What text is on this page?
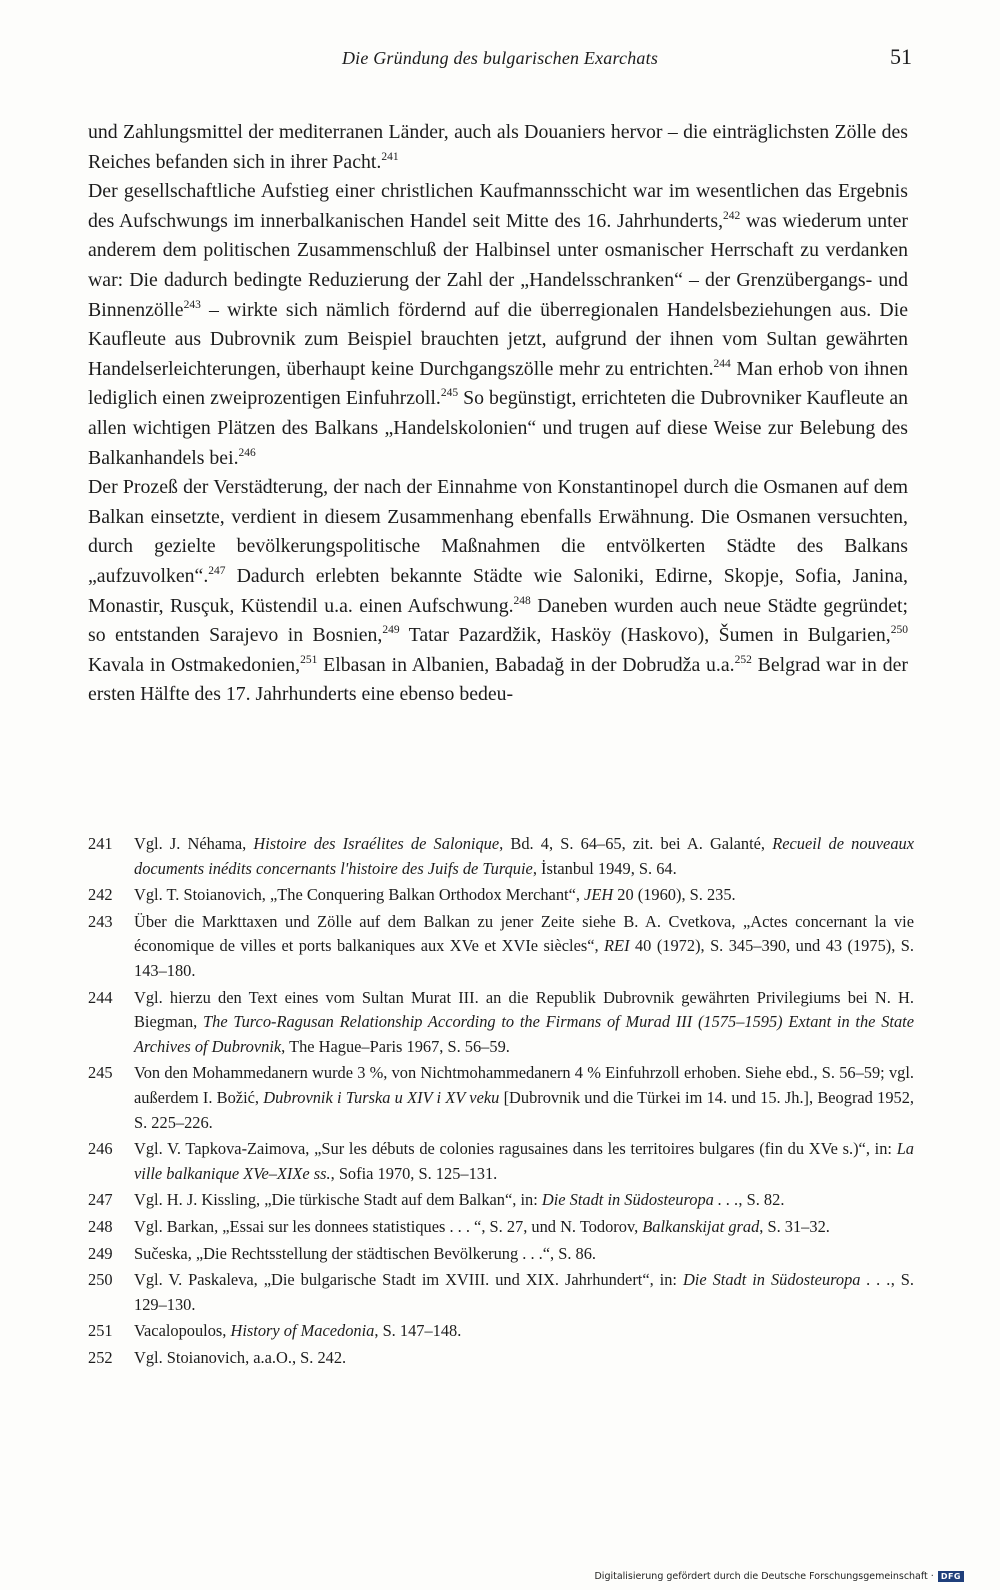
Die Gründung des bulgarischen Exarchats	51

und Zahlungsmittel der mediterranen Länder, auch als Douaniers hervor – die einträglichsten Zölle des Reiches befanden sich in ihrer Pacht.$^{241}$

Der gesellschaftliche Aufstieg einer christlichen Kaufmannsschicht war im wesentlichen das Ergebnis des Aufschwungs im innerbalkanischen Handel seit Mitte des 16. Jahrhunderts,$^{242}$ was wiederum unter anderem dem politischen Zusammenschluß der Halbinsel unter osmanischer Herrschaft zu verdanken war: Die dadurch bedingte Reduzierung der Zahl der „Handelsschranken“ – der Grenzübergangs- und Binnenzölle$^{243}$ – wirkte sich nämlich fördernd auf die überregionalen Handelsbeziehungen aus. Die Kaufleute aus Dubrovnik zum Beispiel brauchten jetzt, aufgrund der ihnen vom Sultan gewährten Handelserleichterungen, überhaupt keine Durchgangszölle mehr zu entrichten.$^{244}$ Man erhob von ihnen lediglich einen zweiprozentigen Einfuhrzoll.$^{245}$ So begünstigt, errichteten die Dubrovniker Kaufleute an allen wichtigen Plätzen des Balkans „Handelskolonien“ und trugen auf diese Weise zur Belebung des Balkanhandels bei.$^{246}$

Der Prozeß der Verstädterung, der nach der Einnahme von Konstantinopel durch die Osmanen auf dem Balkan einsetzte, verdient in diesem Zusammenhang ebenfalls Erwähnung. Die Osmanen versuchten, durch gezielte bevölkerungspolitische Maßnahmen die entvölkerten Städte des Balkans „aufzuvolken“.$^{247}$ Dadurch erlebten bekannte Städte wie Saloniki, Edirne, Skopje, Sofia, Janina, Monastir, Rusçuk, Küstendil u.a. einen Aufschwung.$^{248}$ Daneben wurden auch neue Städte gegründet; so entstanden Sarajevo in Bosnien,$^{249}$ Tatar Pazardžik, Hasköy (Haskovo), Šumen in Bulgarien,$^{250}$ Kavala in Ostmakedonien,$^{251}$ Elbasan in Albanien, Babadağ in der Dobrudža u.a.$^{252}$ Belgrad war in der ersten Hälfte des 17. Jahrhunderts eine ebenso bedeu-

241	Vgl. J. Néhama, Histoire des Israélites de Salonique, Bd. 4, S. 64–65, zit. bei A. Galanté, Recueil de nouveaux documents inédits concernants l'histoire des Juifs de Turquie, İstanbul 1949, S. 64.
242	Vgl. T. Stoianovich, „The Conquering Balkan Orthodox Merchant“, JEH 20 (1960), S. 235.
243	Über die Markttaxen und Zölle auf dem Balkan zu jener Zeite siehe B. A. Cvetkova, „Actes concernant la vie économique de villes et ports balkaniques aux XVe et XVIe siècles“, REI 40 (1972), S. 345–390, und 43 (1975), S. 143–180.
244	Vgl. hierzu den Text eines vom Sultan Murat III. an die Republik Dubrovnik gewährten Privilegiums bei N. H. Biegman, The Turco-Ragusan Relationship According to the Firmans of Murad III (1575–1595) Extant in the State Archives of Dubrovnik, The Hague–Paris 1967, S. 56–59.
245	Von den Mohammedanern wurde 3 %, von Nichtmohammedanern 4 % Einfuhrzoll erhoben. Siehe ebd., S. 56–59; vgl. außerdem I. Božić, Dubrovnik i Turska u XIV i XV veku [Dubrovnik und die Türkei im 14. und 15. Jh.], Beograd 1952, S. 225–226.
246	Vgl. V. Tapkova-Zaimova, „Sur les débuts de colonies ragusaines dans les territoires bulgares (fin du XVe s.)“, in: La ville balkanique XVe–XIXe ss., Sofia 1970, S. 125–131.
247	Vgl. H. J. Kissling, „Die türkische Stadt auf dem Balkan“, in: Die Stadt in Südosteuropa . . ., S. 82.
248	Vgl. Barkan, „Essai sur les donnees statistiques . . . “, S. 27, und N. Todorov, Balkanskijat grad, S. 31–32.
249	Sučeska, „Die Rechtsstellung der städtischen Bevölkerung . . .“, S. 86.
250	Vgl. V. Paskaleva, „Die bulgarische Stadt im XVIII. und XIX. Jahrhundert“, in: Die Stadt in Südosteuropa . . ., S. 129–130.
251	Vacalopoulos, History of Macedonia, S. 147–148.
252	Vgl. Stoianovich, a.a.O., S. 242.
Digitalisierung gefördert durch die Deutsche Forschungsgemeinschaft · DFG
